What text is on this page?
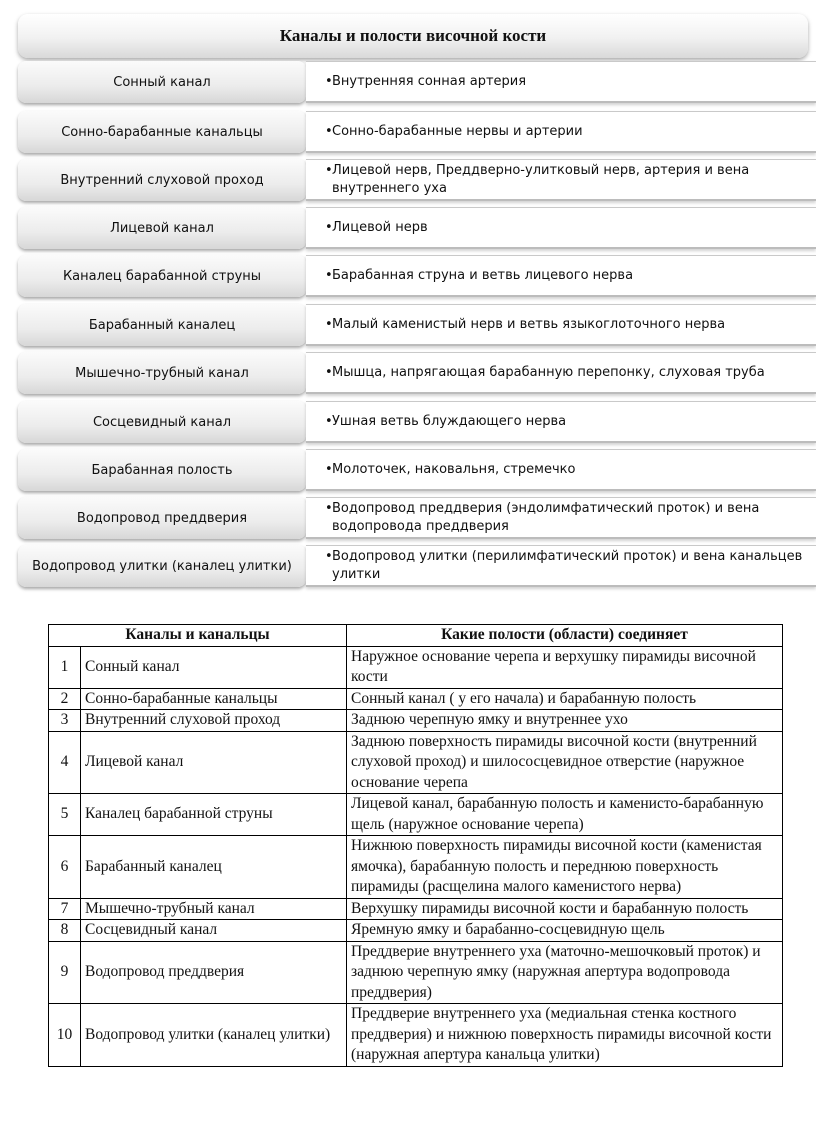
Каналы и полости височной кости
Сонный канал	• Внутренняя сонная артерия
Сонно-барабанные канальцы	• Сонно-барабанные нервы и артерии
Внутренний слуховой проход
• Лицевой нерв, Преддверно-улитковый нерв, артерия и вена внутреннего уха
Лицевой канал	• Лицевой нерв
Каналец барабанной струны	• Барабанная струна и ветвь лицевого нерва
Барабанный каналец	• Малый каменистый нерв и ветвь языкоглоточного нерва
Мышечно-трубный канал	• Мышца, напрягающая барабанную перепонку, слуховая труба
Сосцевидный канал	• Ушная ветвь блуждающего нерва
Барабанная полость	• Молоточек, наковальня, стремечко
Водопровод преддверия
• Водопровод преддверия (эндолимфатический проток) и вена водопровода преддверия
Водопровод улитки (каналец улитки)
• Водопровод улитки (перилимфатический проток) и вена канальцев улитки
Каналы и канальцы		Какие полости (области) соединяет
1	Сонный канал	Наружное основание черепа и верхушку пирамиды височной кости
2	Сонно-барабанные канальцы	Сонный канал ( у его начала) и барабанную полость
3	Внутренний слуховой проход	Заднюю черепную ямку и внутреннее ухо
4	Лицевой канал	Заднюю поверхность пирамиды височной кости (внутренний слуховой проход) и шилососцевидное отверстие (наружное основание черепа
5	Каналец барабанной струны	Лицевой канал, барабанную полость и каменисто-барабанную щель (наружное основание черепа)
6	Барабанный каналец	Нижнюю поверхность пирамиды височной кости (каменистая ямочка), барабанную полость и переднюю поверхность пирамиды (расщелина малого каменистого нерва)
7	Мышечно-трубный канал	Верхушку пирамиды височной кости и барабанную полость
8	Сосцевидный канал	Яремную ямку и барабанно-сосцевидную щель
9	Водопровод преддверия	Преддверие внутреннего уха (маточно-мешочковый проток) и заднюю черепную ямку (наружная апертура водопровода преддверия)
10	Водопровод улитки (каналец улитки)	Преддверие внутреннего уха (медиальная стенка костного преддверия) и нижнюю поверхность пирамиды височной кости (наружная апертура канальца улитки)
